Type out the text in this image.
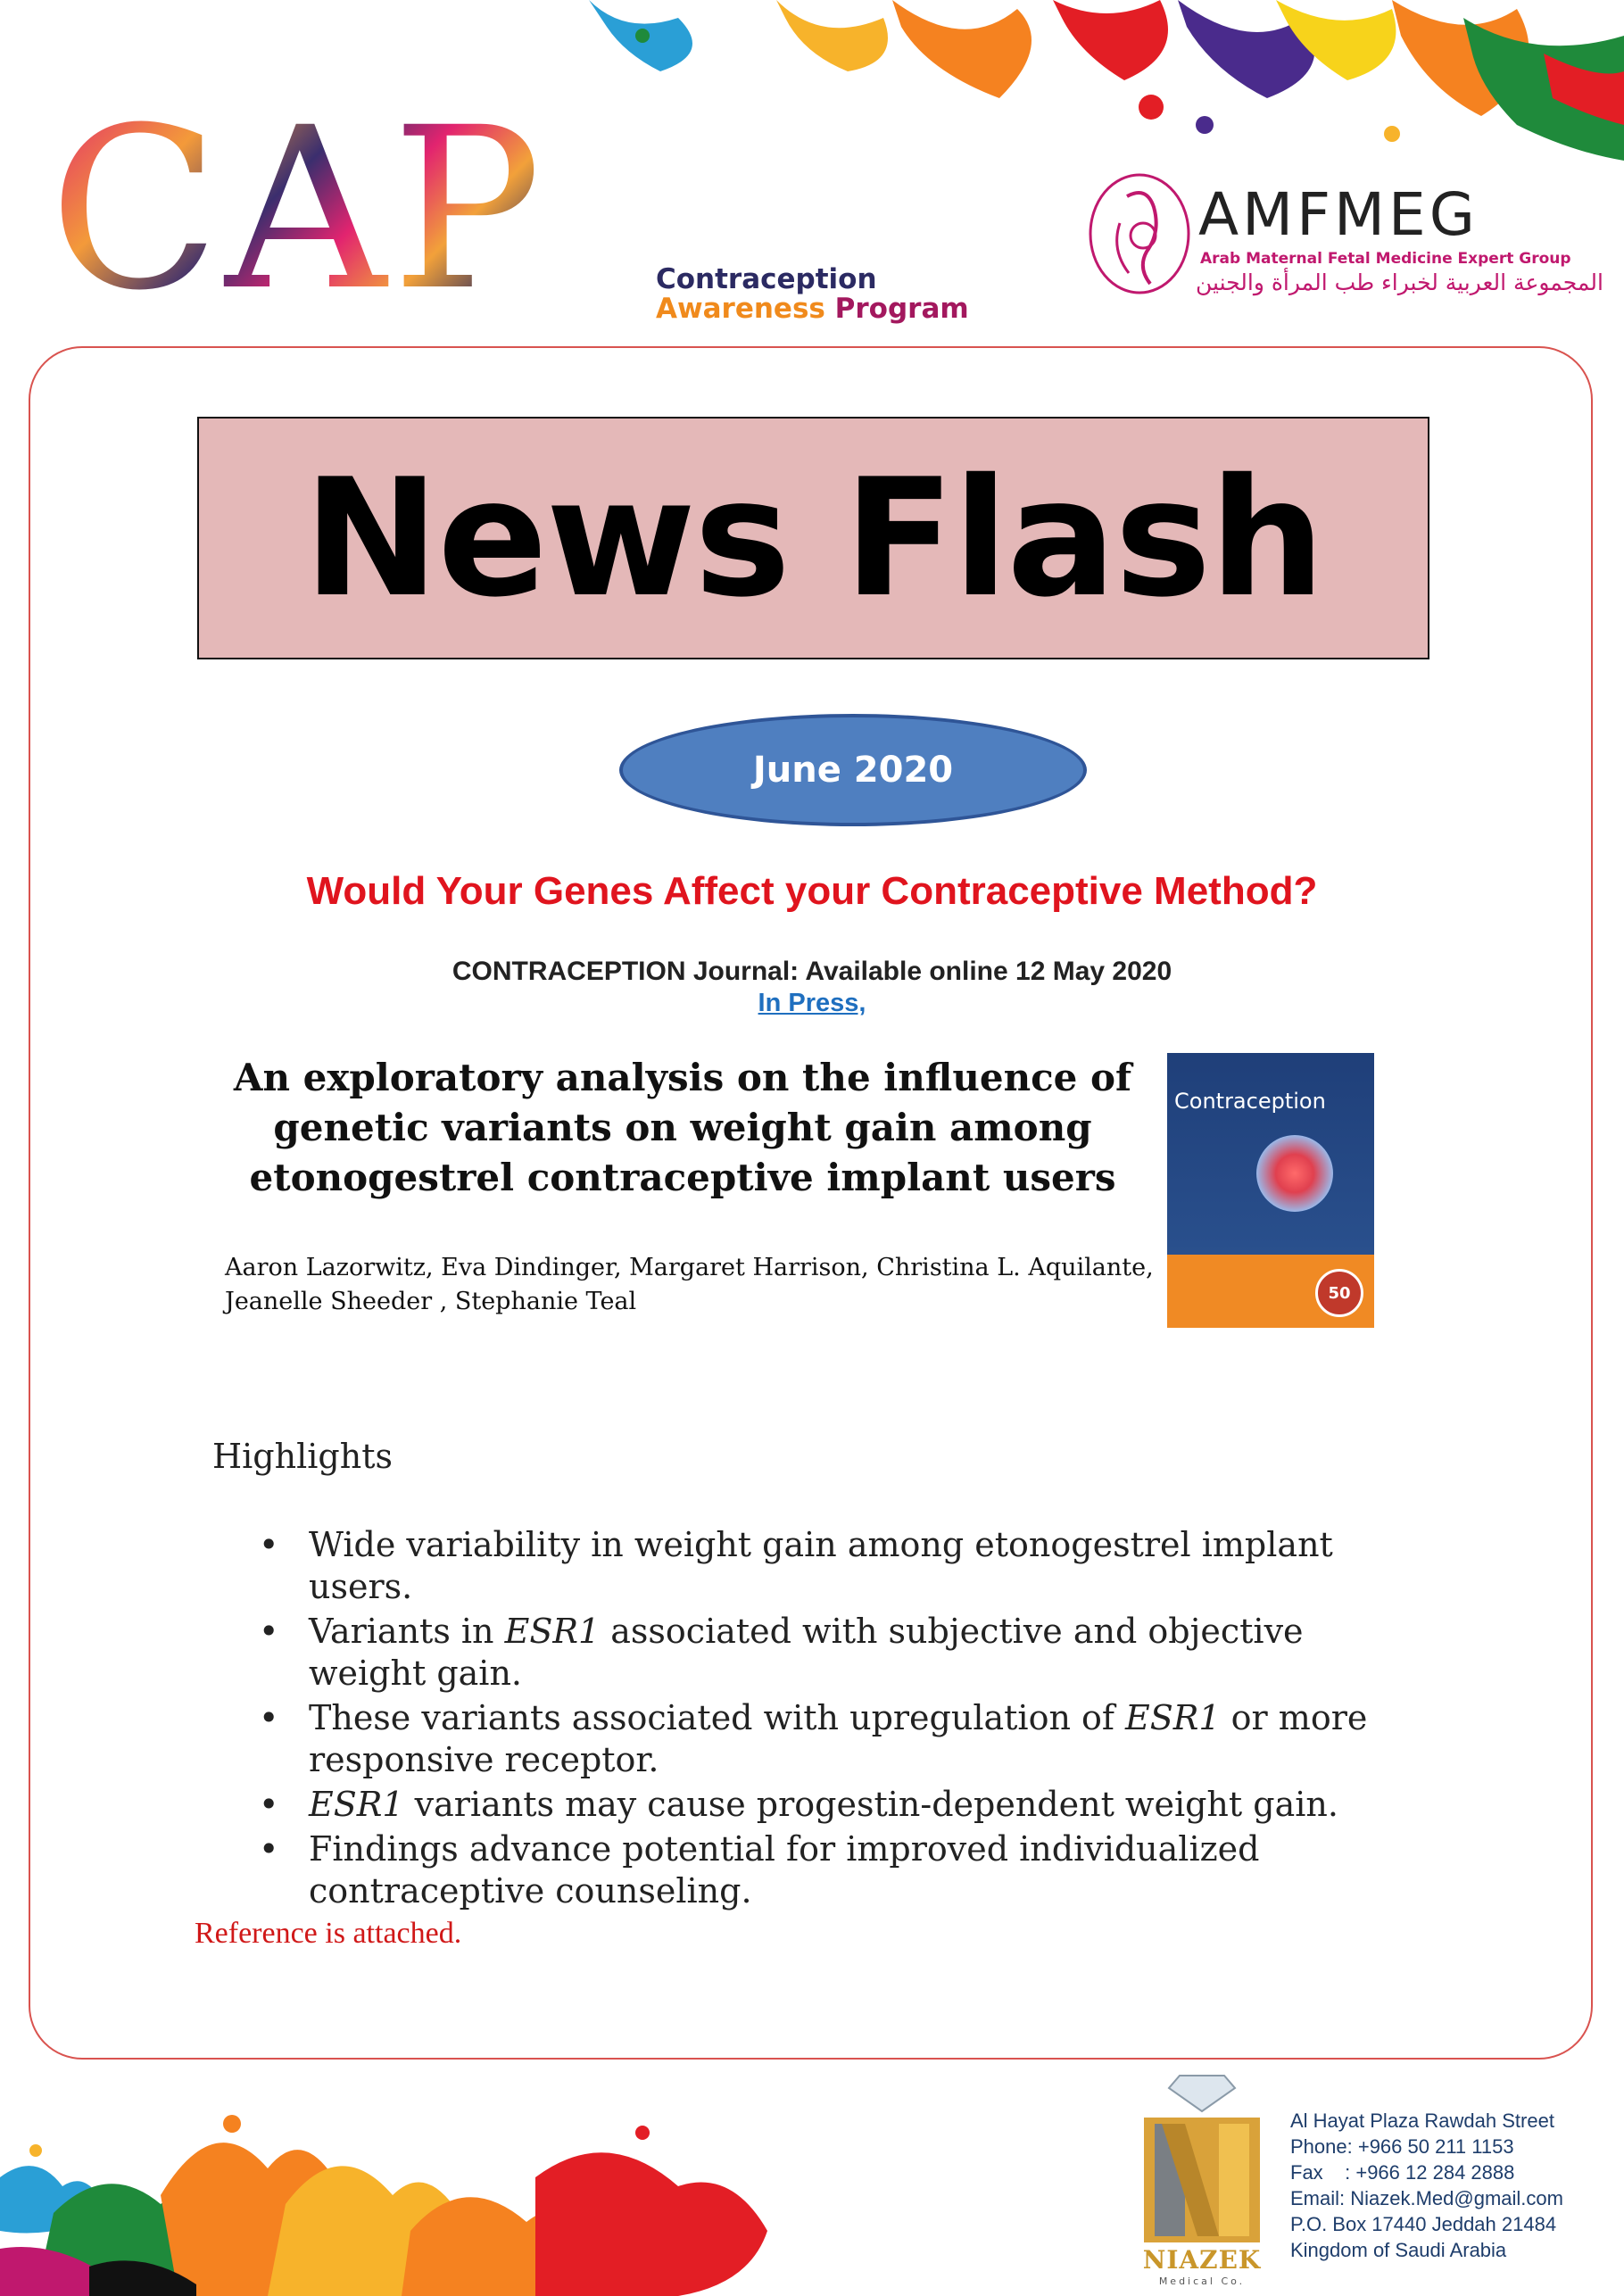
CAP	Contraception
Awareness Program
AMFMEG
Arab Maternal Fetal Medicine Expert Group
المجموعة العربية لخبراء طب المرأة والجنين
News Flash
June 2020
Would Your Genes Affect your Contraceptive Method?
CONTRACEPTION Journal: Available online 12 May 2020
In Press,
An exploratory analysis on the influence of genetic variants on weight gain among etonogestrel contraceptive implant users
Aaron Lazorwitz, Eva Dindinger, Margaret Harrison, Christina L. Aquilante, Jeanelle Sheeder , Stephanie Teal
Contraception
50
Highlights
• Wide variability in weight gain among etonogestrel implant users.
• Variants in ESR1 associated with subjective and objective weight gain.
• These variants associated with upregulation of ESR1 or more responsive receptor.
• ESR1 variants may cause progestin-dependent weight gain.
• Findings advance potential for improved individualized contraceptive counseling.
Reference is attached.
NIAZEK
Medical Co.
Al Hayat Plaza Rawdah Street
Phone: +966 50 211 1153
Fax    : +966 12 284 2888
Email: Niazek.Med@gmail.com
P.O. Box 17440 Jeddah 21484
Kingdom of Saudi Arabia
